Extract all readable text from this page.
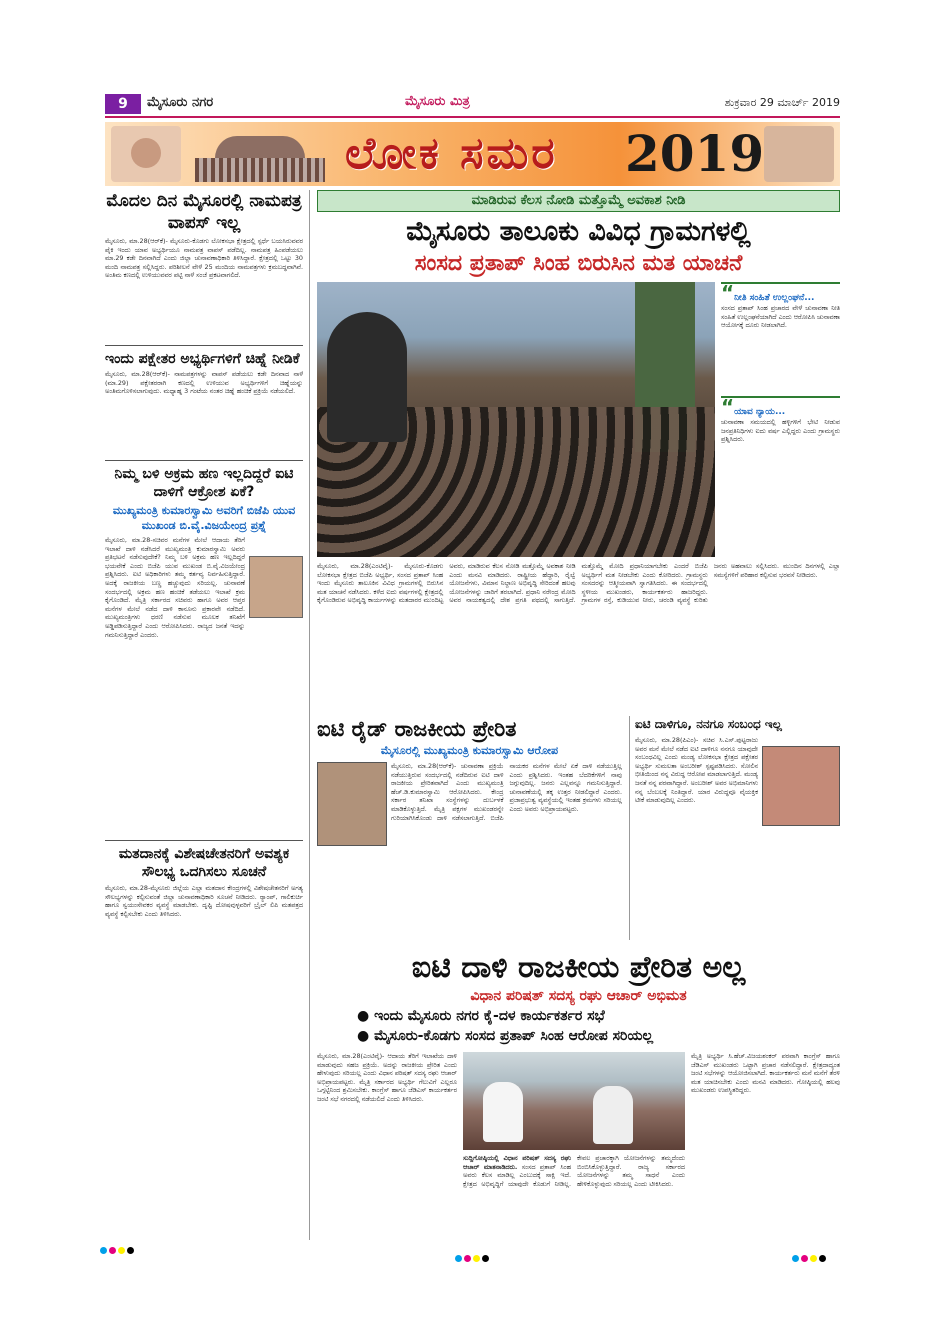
9	ಮೈಸೂರು ನಗರ	ಮೈಸೂರು ಮಿತ್ರ	ಶುಕ್ರವಾರ 29 ಮಾರ್ಚ್ 2019
ಲೋಕ ಸಮರ 2019
ಮೊದಲ ದಿನ ಮೈಸೂರಲ್ಲಿ ನಾಮಪತ್ರ ವಾಪಸ್ ಇಲ್ಲ
ಮೈಸೂರು, ಮಾ.28(ಆರ್‌ಕೆ)- ಮೈಸೂರು-ಕೊಡಗು ಲೋಕಸಭಾ ಕ್ಷೇತ್ರದಲ್ಲಿ ಸ್ಪರ್ಧೆ ಬಯಸಿರುವವರ ಪೈಕಿ ಇಂದು ಯಾವ ಅಭ್ಯರ್ಥಿಯೂ ನಾಮಪತ್ರ ವಾಪಸ್ ಪಡೆದಿಲ್ಲ. ನಾಮಪತ್ರ ಹಿಂಪಡೆಯಲು ಮಾ.29 ಕಡೇ ದಿನವಾಗಿದೆ ಎಂದು ಜಿಲ್ಲಾ ಚುನಾವಣಾಧಿಕಾರಿ ತಿಳಿಸಿದ್ದಾರೆ. ಕ್ಷೇತ್ರದಲ್ಲಿ ಒಟ್ಟು 30 ಮಂದಿ ನಾಮಪತ್ರ ಸಲ್ಲಿಸಿದ್ದರು. ಪರಿಶೀಲನೆ ವೇಳೆ 25 ಮಂದಿಯ ನಾಮಪತ್ರಗಳು ಕ್ರಮಬದ್ಧವಾಗಿವೆ. ಅಂತಿಮ ಕಣದಲ್ಲಿ ಉಳಿಯುವವರ ಪಟ್ಟಿ ನಾಳೆ ಸಂಜೆ ಪ್ರಕಟವಾಗಲಿದೆ.
ಇಂದು ಪಕ್ಷೇತರ ಅಭ್ಯರ್ಥಿಗಳಿಗೆ ಚಿಹ್ನೆ ನೀಡಿಕೆ
ಮೈಸೂರು, ಮಾ.28(ಆರ್‌ಕೆ)- ನಾಮಪತ್ರಗಳನ್ನು ವಾಪಸ್ ಪಡೆಯಲು ಕಡೇ ದಿನವಾದ ನಾಳೆ (ಮಾ.29) ಪಕ್ಷೇತರರಾಗಿ ಕಣದಲ್ಲಿ ಉಳಿಯುವ ಅಭ್ಯರ್ಥಿಗಳಿಗೆ ಚಿಹ್ನೆಯನ್ನು ಅಂತಿಮಗೊಳಿಸಲಾಗುವುದು. ಮಧ್ಯಾಹ್ನ 3 ಗಂಟೆಯ ನಂತರ ಚಿಹ್ನೆ ಹಂಚಿಕೆ ಪ್ರಕ್ರಿಯೆ ನಡೆಯಲಿದೆ.
ನಿಮ್ಮ ಬಳಿ ಅಕ್ರಮ ಹಣ ಇಲ್ಲದಿದ್ದರೆ ಐಟಿ ದಾಳಿಗೆ ಆಕ್ರೋಶ ಏಕೆ?
ಮುಖ್ಯಮಂತ್ರಿ ಕುಮಾರಸ್ವಾಮಿ ಅವರಿಗೆ ಬಿಜೆಪಿ ಯುವ ಮುಖಂಡ ಬಿ.ವೈ.ವಿಜಯೇಂದ್ರ ಪ್ರಶ್ನೆ
ಮೈಸೂರು, ಮಾ.28-ಸಚಿವರ ಮನೆಗಳ ಮೇಲೆ ಆದಾಯ ತೆರಿಗೆ ಇಲಾಖೆ ದಾಳಿ ನಡೆಸಿದರೆ ಮುಖ್ಯಮಂತ್ರಿ ಕುಮಾರಸ್ವಾಮಿ ಅವರು ಪ್ರತಿಭಟನೆ ನಡೆಸುವುದೇಕೆ? ನಿಮ್ಮ ಬಳಿ ಅಕ್ರಮ ಹಣ ಇಲ್ಲದಿದ್ದರೆ ಭಯವೇಕೆ ಎಂದು ಬಿಜೆಪಿ ಯುವ ಮುಖಂಡ ಬಿ.ವೈ.ವಿಜಯೇಂದ್ರ ಪ್ರಶ್ನಿಸಿದರು. ಐಟಿ ಅಧಿಕಾರಿಗಳು ತಮ್ಮ ಕರ್ತವ್ಯ ನಿರ್ವಹಿಸುತ್ತಿದ್ದಾರೆ. ಅದಕ್ಕೆ ರಾಜಕೀಯ ಬಣ್ಣ ಹಚ್ಚುವುದು ಸರಿಯಲ್ಲ. ಚುನಾವಣೆ ಸಂದರ್ಭದಲ್ಲಿ ಅಕ್ರಮ ಹಣ ಹಂಚಿಕೆ ತಡೆಯಲು ಇಲಾಖೆ ಕ್ರಮ ಕೈಗೊಂಡಿದೆ. ಮೈತ್ರಿ ಸರ್ಕಾರದ ಸಚಿವರು ಹಾಗೂ ಅವರ ಆಪ್ತರ ಮನೆಗಳ ಮೇಲೆ ನಡೆದ ದಾಳಿ ಕಾನೂನು ಪ್ರಕಾರವೇ ನಡೆದಿದೆ. ಮುಖ್ಯಮಂತ್ರಿಗಳು ಧರಣಿ ನಡೆಸುವ ಮೂಲಕ ತನಿಖೆಗೆ ಅಡ್ಡಿಪಡಿಸುತ್ತಿದ್ದಾರೆ ಎಂದು ಆರೋಪಿಸಿದರು. ರಾಜ್ಯದ ಜನತೆ ಇದನ್ನು ಗಮನಿಸುತ್ತಿದ್ದಾರೆ ಎಂದರು.
ಮತದಾನಕ್ಕೆ ವಿಶೇಷಚೇತನರಿಗೆ ಅವಶ್ಯಕ ಸೌಲಭ್ಯ ಒದಗಿಸಲು ಸೂಚನೆ
ಮೈಸೂರು, ಮಾ.28-ಮೈಸೂರು ಜಿಲ್ಲೆಯ ಎಲ್ಲಾ ಮತದಾನ ಕೇಂದ್ರಗಳಲ್ಲಿ ವಿಶೇಷಚೇತನರಿಗೆ ಅಗತ್ಯ ಸೌಲಭ್ಯಗಳನ್ನು ಕಲ್ಪಿಸುವಂತೆ ಜಿಲ್ಲಾ ಚುನಾವಣಾಧಿಕಾರಿ ಸೂಚನೆ ನೀಡಿದರು. ರ‍್ಯಾಂಪ್, ಗಾಲಿಕುರ್ಚಿ ಹಾಗೂ ಸ್ವಯಂಸೇವಕರ ವ್ಯವಸ್ಥೆ ಮಾಡಬೇಕು. ದೃಷ್ಟಿ ದೋಷವುಳ್ಳವರಿಗೆ ಬ್ರೈಲ್ ಲಿಪಿ ಮತಪತ್ರದ ವ್ಯವಸ್ಥೆ ಕಲ್ಪಿಸಬೇಕು ಎಂದು ತಿಳಿಸಿದರು.
ಮಾಡಿರುವ ಕೆಲಸ ನೋಡಿ ಮತ್ತೊಮ್ಮೆ ಅವಕಾಶ ನೀಡಿ
ಮೈಸೂರು ತಾಲೂಕು ವಿವಿಧ ಗ್ರಾಮಗಳಲ್ಲಿ
ಸಂಸದ ಪ್ರತಾಪ್ ಸಿಂಹ ಬಿರುಸಿನ ಮತ ಯಾಚನೆ
“ನೀತಿ ಸಂಹಿತೆ ಉಲ್ಲಂಘನೆ...
ಸಂಸದ ಪ್ರತಾಪ್ ಸಿಂಹ ಪ್ರಚಾರದ ವೇಳೆ ಚುನಾವಣಾ ನೀತಿ ಸಂಹಿತೆ ಉಲ್ಲಂಘನೆಯಾಗಿದೆ ಎಂದು ಆರೋಪಿಸಿ ಚುನಾವಣಾ ಆಯೋಗಕ್ಕೆ ದೂರು ನೀಡಲಾಗಿದೆ.
“ಯಾವ ನ್ಯಾಯ...
ಚುನಾವಣಾ ಸಮಯದಲ್ಲಿ ಹಳ್ಳಿಗಳಿಗೆ ಭೇಟಿ ನೀಡುವ ಜನಪ್ರತಿನಿಧಿಗಳು ಐದು ವರ್ಷ ಎಲ್ಲಿದ್ದರು ಎಂದು ಗ್ರಾಮಸ್ಥರು ಪ್ರಶ್ನಿಸಿದರು.
ಮೈಸೂರು, ಮಾ.28(ಎಂಟಿವೈ)- ಮೈಸೂರು-ಕೊಡಗು ಲೋಕಸಭಾ ಕ್ಷೇತ್ರದ ಬಿಜೆಪಿ ಅಭ್ಯರ್ಥಿ, ಸಂಸದ ಪ್ರತಾಪ್ ಸಿಂಹ ಇಂದು ಮೈಸೂರು ತಾಲೂಕಿನ ವಿವಿಧ ಗ್ರಾಮಗಳಲ್ಲಿ ಬಿರುಸಿನ ಮತ ಯಾಚನೆ ನಡೆಸಿದರು. ಕಳೆದ ಐದು ವರ್ಷಗಳಲ್ಲಿ ಕ್ಷೇತ್ರದಲ್ಲಿ ಕೈಗೊಂಡಿರುವ ಅಭಿವೃದ್ಧಿ ಕಾರ್ಯಗಳನ್ನು ಮತದಾರರ ಮುಂದಿಟ್ಟ ಅವರು, ಮಾಡಿರುವ ಕೆಲಸ ನೋಡಿ ಮತ್ತೊಮ್ಮೆ ಅವಕಾಶ ನೀಡಿ ಎಂದು ಮನವಿ ಮಾಡಿದರು. ರಾಷ್ಟ್ರೀಯ ಹೆದ್ದಾರಿ, ರೈಲ್ವೆ ಯೋಜನೆಗಳು, ವಿಮಾನ ನಿಲ್ದಾಣ ಅಭಿವೃದ್ಧಿ ಸೇರಿದಂತೆ ಹಲವು ಯೋಜನೆಗಳನ್ನು ಜಾರಿಗೆ ತರಲಾಗಿದೆ. ಪ್ರಧಾನಿ ನರೇಂದ್ರ ಮೋದಿ ಅವರ ನಾಯಕತ್ವದಲ್ಲಿ ದೇಶ ಪ್ರಗತಿ ಪಥದಲ್ಲಿ ಸಾಗುತ್ತಿದೆ. ಮತ್ತೊಮ್ಮೆ ಮೋದಿ ಪ್ರಧಾನಿಯಾಗಬೇಕು ಎಂದರೆ ಬಿಜೆಪಿ ಅಭ್ಯರ್ಥಿಗೆ ಮತ ನೀಡಬೇಕು ಎಂದು ಕೋರಿದರು. ಗ್ರಾಮಸ್ಥರು ಸಂಸದರನ್ನು ಆತ್ಮೀಯವಾಗಿ ಸ್ವಾಗತಿಸಿದರು. ಈ ಸಂದರ್ಭದಲ್ಲಿ ಸ್ಥಳೀಯ ಮುಖಂಡರು, ಕಾರ್ಯಕರ್ತರು ಹಾಜರಿದ್ದರು. ಗ್ರಾಮಗಳ ರಸ್ತೆ, ಕುಡಿಯುವ ನೀರು, ಚರಂಡಿ ವ್ಯವಸ್ಥೆ ಕುರಿತು ಜನರು ಅಹವಾಲು ಸಲ್ಲಿಸಿದರು. ಮುಂದಿನ ದಿನಗಳಲ್ಲಿ ಎಲ್ಲಾ ಸಮಸ್ಯೆಗಳಿಗೆ ಪರಿಹಾರ ಕಲ್ಪಿಸುವ ಭರವಸೆ ನೀಡಿದರು.
ಐಟಿ ರೈಡ್ ರಾಜಕೀಯ ಪ್ರೇರಿತ
ಮೈಸೂರಲ್ಲಿ ಮುಖ್ಯಮಂತ್ರಿ ಕುಮಾರಸ್ವಾಮಿ ಆರೋಪ
ಮೈಸೂರು, ಮಾ.28(ಆರ್‌ಕೆ)- ಚುನಾವಣಾ ಪ್ರಕ್ರಿಯೆ ನಡೆಯುತ್ತಿರುವ ಸಂದರ್ಭದಲ್ಲಿ ನಡೆದಿರುವ ಐಟಿ ದಾಳಿ ರಾಜಕೀಯ ಪ್ರೇರಿತವಾಗಿದೆ ಎಂದು ಮುಖ್ಯಮಂತ್ರಿ ಹೆಚ್.ಡಿ.ಕುಮಾರಸ್ವಾಮಿ ಆರೋಪಿಸಿದರು. ಕೇಂದ್ರ ಸರ್ಕಾರ ತನಿಖಾ ಸಂಸ್ಥೆಗಳನ್ನು ದುರ್ಬಳಕೆ ಮಾಡಿಕೊಳ್ಳುತ್ತಿದೆ. ಮೈತ್ರಿ ಪಕ್ಷಗಳ ಮುಖಂಡರನ್ನೇ ಗುರಿಯಾಗಿಸಿಕೊಂಡು ದಾಳಿ ನಡೆಸಲಾಗುತ್ತಿದೆ. ಬಿಜೆಪಿ ನಾಯಕರ ಮನೆಗಳ ಮೇಲೆ ಏಕೆ ದಾಳಿ ನಡೆಯುತ್ತಿಲ್ಲ ಎಂದು ಪ್ರಶ್ನಿಸಿದರು. ಇಂತಹ ಬೆದರಿಕೆಗಳಿಗೆ ನಾವು ಜಗ್ಗುವುದಿಲ್ಲ. ಜನರು ಎಲ್ಲವನ್ನೂ ಗಮನಿಸುತ್ತಿದ್ದಾರೆ. ಚುನಾವಣೆಯಲ್ಲಿ ತಕ್ಕ ಉತ್ತರ ನೀಡಲಿದ್ದಾರೆ ಎಂದರು. ಪ್ರಜಾಪ್ರಭುತ್ವ ವ್ಯವಸ್ಥೆಯಲ್ಲಿ ಇಂತಹ ಕ್ರಮಗಳು ಸರಿಯಲ್ಲ ಎಂದು ಅವರು ಅಭಿಪ್ರಾಯಪಟ್ಟರು.
ಐಟಿ ದಾಳಿಗೂ, ನನಗೂ ಸಂಬಂಧ ಇಲ್ಲ
ಮೈಸೂರು, ಮಾ.28(ಪಿಎಂ)- ಸಚಿವ ಸಿ.ಎಸ್.ಪುಟ್ಟರಾಜು ಅವರ ಮನೆ ಮೇಲೆ ನಡೆದ ಐಟಿ ದಾಳಿಗೂ ನನಗೂ ಯಾವುದೇ ಸಂಬಂಧವಿಲ್ಲ ಎಂದು ಮಂಡ್ಯ ಲೋಕಸಭಾ ಕ್ಷೇತ್ರದ ಪಕ್ಷೇತರ ಅಭ್ಯರ್ಥಿ ಸುಮಲತಾ ಅಂಬರೀಶ್ ಸ್ಪಷ್ಟಪಡಿಸಿದರು. ಸೋಲಿನ ಭೀತಿಯಿಂದ ನನ್ನ ವಿರುದ್ಧ ಆರೋಪ ಮಾಡಲಾಗುತ್ತಿದೆ. ಮಂಡ್ಯ ಜನತೆ ನನ್ನ ಪರವಾಗಿದ್ದಾರೆ. ಅಂಬರೀಶ್ ಅವರ ಅಭಿಮಾನಿಗಳು ನನ್ನ ಬೆಂಬಲಕ್ಕೆ ನಿಂತಿದ್ದಾರೆ. ಯಾರ ವಿರುದ್ಧವೂ ವೈಯಕ್ತಿಕ ಟೀಕೆ ಮಾಡುವುದಿಲ್ಲ ಎಂದರು.
ಐಟಿ ದಾಳಿ ರಾಜಕೀಯ ಪ್ರೇರಿತ ಅಲ್ಲ
ವಿಧಾನ ಪರಿಷತ್ ಸದಸ್ಯ ರಘು ಆಚಾರ್ ಅಭಿಮತ
● ಇಂದು ಮೈಸೂರು ನಗರ ಕೈ-ದಳ ಕಾರ್ಯಕರ್ತರ ಸಭೆ
● ಮೈಸೂರು-ಕೊಡಗು ಸಂಸದ ಪ್ರತಾಪ್ ಸಿಂಹ ಆರೋಪ ಸರಿಯಲ್ಲ
ಮೈಸೂರು, ಮಾ.28(ಎಂಟಿವೈ)- ಆದಾಯ ತೆರಿಗೆ ಇಲಾಖೆಯ ದಾಳಿ ಮಾಡುವುದು ಸಹಜ ಪ್ರಕ್ರಿಯೆ. ಅದನ್ನು ರಾಜಕೀಯ ಪ್ರೇರಿತ ಎಂದು ಹೇಳುವುದು ಸರಿಯಲ್ಲ ಎಂದು ವಿಧಾನ ಪರಿಷತ್ ಸದಸ್ಯ ರಘು ಆಚಾರ್ ಅಭಿಪ್ರಾಯಪಟ್ಟರು. ಮೈತ್ರಿ ಸರ್ಕಾರದ ಅಭ್ಯರ್ಥಿ ಗೆಲುವಿಗೆ ಎಲ್ಲರೂ ಒಗ್ಗಟ್ಟಿನಿಂದ ಶ್ರಮಿಸಬೇಕು. ಕಾಂಗ್ರೆಸ್ ಹಾಗೂ ಜೆಡಿಎಸ್ ಕಾರ್ಯಕರ್ತರ ಜಂಟಿ ಸಭೆ ನಗರದಲ್ಲಿ ನಡೆಯಲಿದೆ ಎಂದು ತಿಳಿಸಿದರು.
ಸುದ್ದಿಗೋಷ್ಠಿಯಲ್ಲಿ ವಿಧಾನ ಪರಿಷತ್ ಸದಸ್ಯ ರಘು ಆಚಾರ್ ಮಾತನಾಡಿದರು. ಸಂಸದ ಪ್ರತಾಪ್ ಸಿಂಹ ಅವರು ಕೆಲಸ ಮಾಡಿಲ್ಲ ಎಂಬುದಕ್ಕೆ ಸಾಕ್ಷಿ ಇದೆ. ಕ್ಷೇತ್ರದ ಅಭಿವೃದ್ಧಿಗೆ ಯಾವುದೇ ಕೊಡುಗೆ ನೀಡಿಲ್ಲ. ಕೇವಲ ಪ್ರಚಾರಕ್ಕಾಗಿ ಯೋಜನೆಗಳನ್ನು ತಮ್ಮದೆಂದು ಬಿಂಬಿಸಿಕೊಳ್ಳುತ್ತಿದ್ದಾರೆ. ರಾಜ್ಯ ಸರ್ಕಾರದ ಯೋಜನೆಗಳನ್ನು ತಮ್ಮ ಸಾಧನೆ ಎಂದು ಹೇಳಿಕೊಳ್ಳುವುದು ಸರಿಯಲ್ಲ ಎಂದು ಟೀಕಿಸಿದರು.
ಮೈತ್ರಿ ಅಭ್ಯರ್ಥಿ ಸಿ.ಹೆಚ್.ವಿಜಯಶಂಕರ್ ಪರವಾಗಿ ಕಾಂಗ್ರೆಸ್ ಹಾಗೂ ಜೆಡಿಎಸ್ ಮುಖಂಡರು ಒಟ್ಟಾಗಿ ಪ್ರಚಾರ ನಡೆಸಲಿದ್ದಾರೆ. ಕ್ಷೇತ್ರದಾದ್ಯಂತ ಜಂಟಿ ಸಭೆಗಳನ್ನು ಆಯೋಜಿಸಲಾಗಿದೆ. ಕಾರ್ಯಕರ್ತರು ಮನೆ ಮನೆಗೆ ತೆರಳಿ ಮತ ಯಾಚಿಸಬೇಕು ಎಂದು ಮನವಿ ಮಾಡಿದರು. ಗೋಷ್ಠಿಯಲ್ಲಿ ಹಲವು ಮುಖಂಡರು ಉಪಸ್ಥಿತರಿದ್ದರು.
